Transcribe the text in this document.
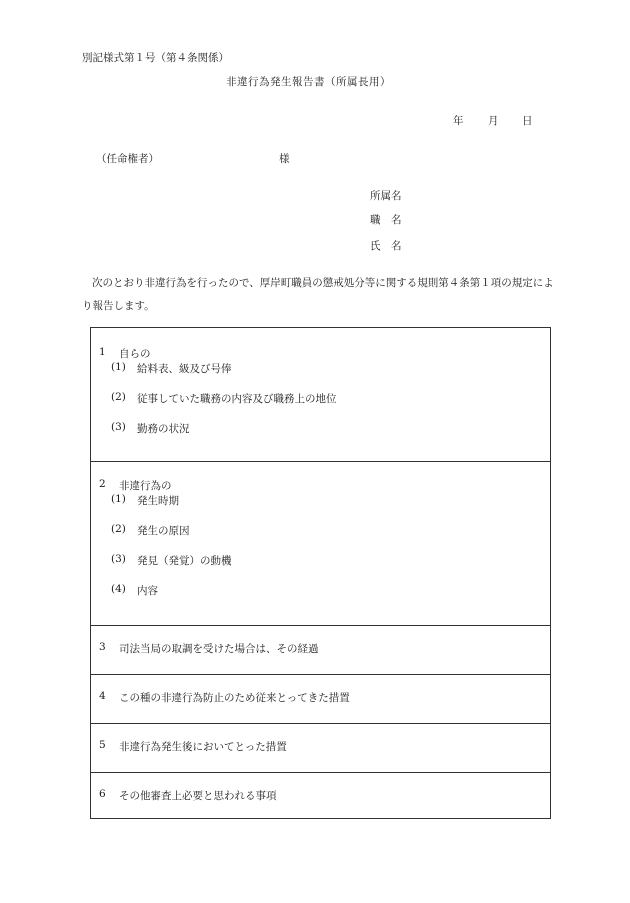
別記様式第１号（第４条関係）
非違行為発生報告書（所属長用）
年 月 日
（任命権者）	様
所属名
職　名
氏　名

次のとおり非違行為を行ったので、厚岸町職員の懲戒処分等に関する規則第４条第１項の規定により報告します。

1 自らの
(1) 給料表、級及び号俸
(2) 従事していた職務の内容及び職務上の地位
(3) 勤務の状況
2 非違行為の
(1) 発生時期
(2) 発生の原因
(3) 発見（発覚）の動機
(4) 内容
3 司法当局の取調を受けた場合は、その経過
4 この種の非違行為防止のため従来とってきた措置
5 非違行為発生後においてとった措置
6 その他審査上必要と思われる事項
